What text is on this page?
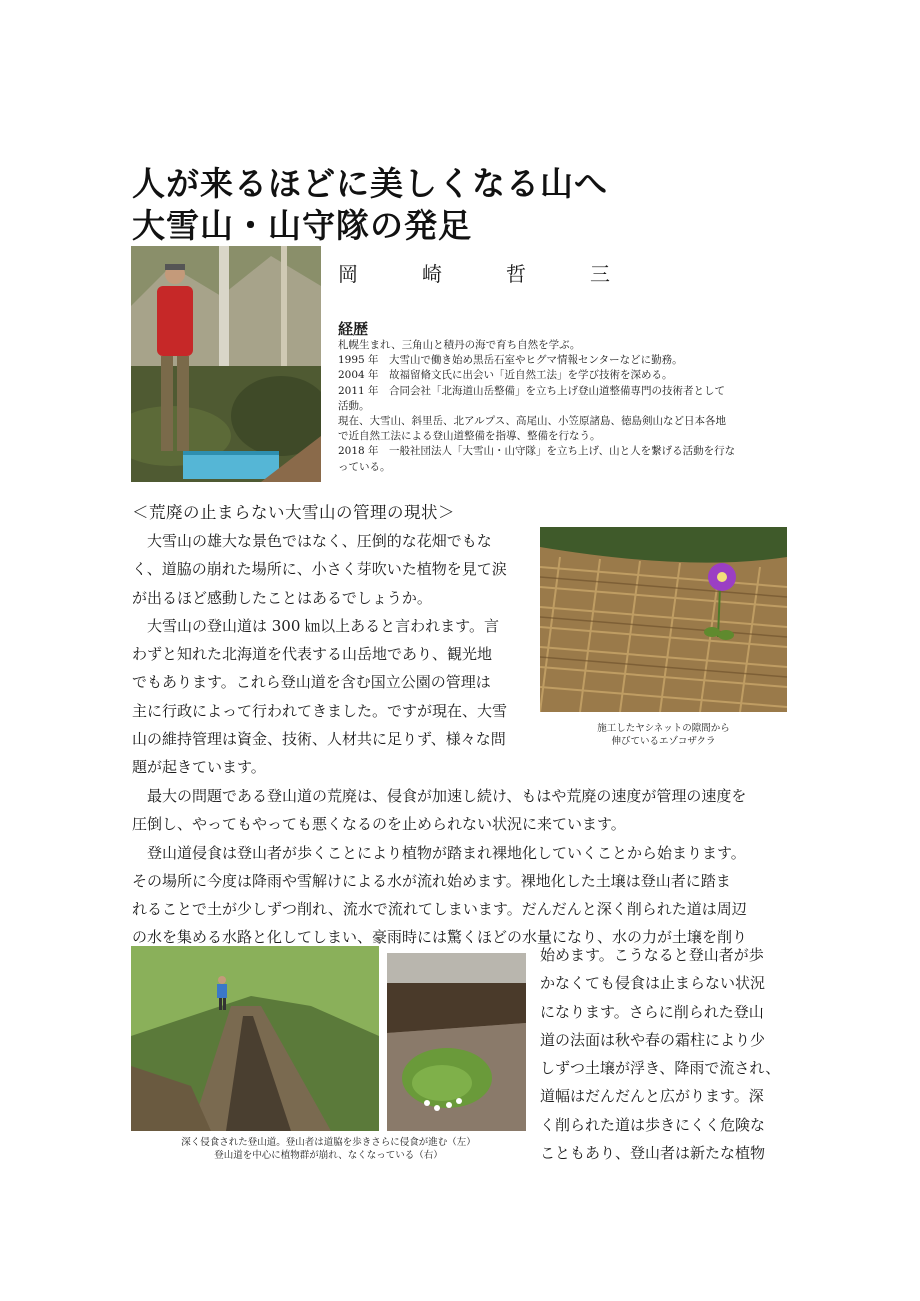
人が来るほどに美しくなる山へ
大雪山・山守隊の発足
岡　崎　哲　三
経歴
札幌生まれ、三角山と積丹の海で育ち自然を学ぶ。
1995 年　大雪山で働き始め黒岳石室やヒグマ情報センターなどに勤務。
2004 年　故福留脩文氏に出会い「近自然工法」を学び技術を深める。
2011 年　合同会社「北海道山岳整備」を立ち上げ登山道整備専門の技術者として
活動。
現在、大雪山、斜里岳、北アルプス、高尾山、小笠原諸島、徳島剣山など日本各地
で近自然工法による登山道整備を指導、整備を行なう。
2018 年　一般社団法人「大雪山・山守隊」を立ち上げ、山と人を繋げる活動を行な
っている。
＜荒廃の止まらない大雪山の管理の現状＞
　大雪山の雄大な景色ではなく、圧倒的な花畑でもな
く、道脇の崩れた場所に、小さく芽吹いた植物を見て涙
が出るほど感動したことはあるでしょうか。
　大雪山の登山道は 300 ㎞以上あると言われます。言
わずと知れた北海道を代表する山岳地であり、観光地
でもあります。これら登山道を含む国立公園の管理は
主に行政によって行われてきました。ですが現在、大雪
山の維持管理は資金、技術、人材共に足りず、様々な問
題が起きています。
施工したヤシネットの隙間から
伸びているエゾコザクラ
　最大の問題である登山道の荒廃は、侵食が加速し続け、もはや荒廃の速度が管理の速度を
圧倒し、やってもやっても悪くなるのを止められない状況に来ています。
　登山道侵食は登山者が歩くことにより植物が踏まれ裸地化していくことから始まります。
その場所に今度は降雨や雪解けによる水が流れ始めます。裸地化した土壌は登山者に踏ま
れることで土が少しずつ削れ、流水で流れてしまいます。だんだんと深く削られた道は周辺
の水を集める水路と化してしまい、豪雨時には驚くほどの水量になり、水の力が土壌を削り
深く侵食された登山道。登山者は道脇を歩きさらに侵食が進む（左）
登山道を中心に植物群が崩れ、なくなっている（右）
始めます。こうなると登山者が歩
かなくても侵食は止まらない状況
になります。さらに削られた登山
道の法面は秋や春の霜柱により少
しずつ土壌が浮き、降雨で流され、
道幅はだんだんと広がります。深
く削られた道は歩きにくく危険な
こともあり、登山者は新たな植物
